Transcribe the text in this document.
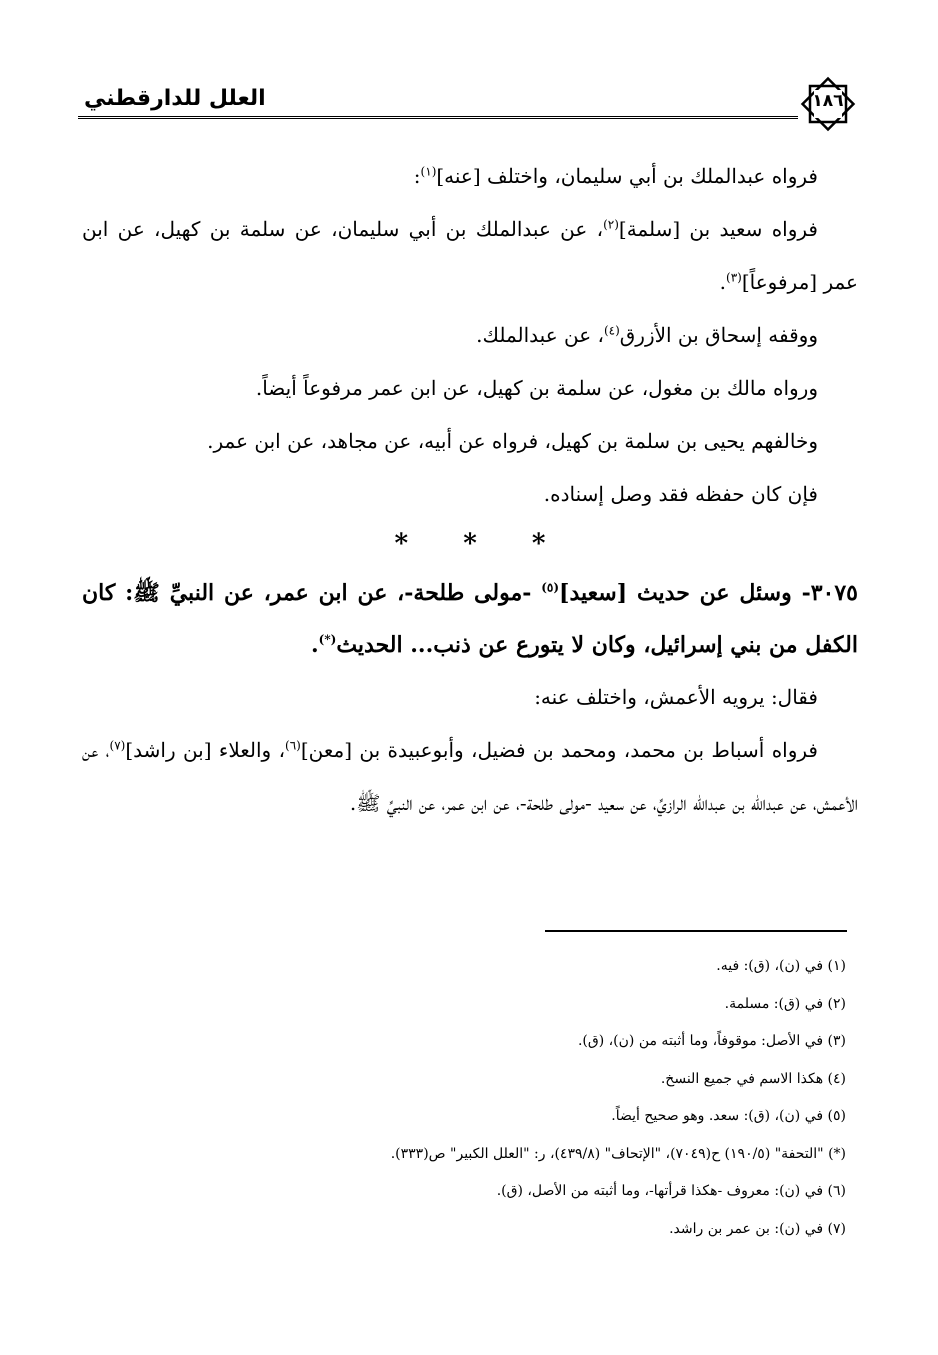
العلل للدارقطني	١٨٦

فرواه عبدالملك بن أبي سليمان، واختلف [عنه]$^{(١)}$:

فرواه سعيد بن [سلمة]$^{(٢)}$، عن عبدالملك بن أبي سليمان، عن سلمة بن كهيل، عن ابن عمر [مرفوعاً]$^{(٣)}$.

ووقفه إسحاق بن الأزرق$^{(٤)}$، عن عبدالملك.

ورواه مالك بن مغول، عن سلمة بن كهيل، عن ابن عمر مرفوعاً أيضاً.

وخالفهم يحيى بن سلمة بن كهيل، فرواه عن أبيه، عن مجاهد، عن ابن عمر.

فإن كان حفظه فقد وصل إسناده.

* * *

٣٠٧٥- وسئل عن حديث [سعيد]$^{(٥)}$ -مولى طلحة-، عن ابن عمر، عن النبيِّ ﷺ: كان الكفل من بني إسرائيل، وكان لا يتورع عن ذنب... الحديث(*).

فقال: يرويه الأعمش، واختلف عنه:

فرواه أسباط بن محمد، ومحمد بن فضيل، وأبوعبيدة بن [معن]$^{(٦)}$، والعلاء [بن راشد]$^{(٧)}$، عن الأعمش، عن عبدالله بن عبدالله الرازيِّ، عن سعيد -مولى طلحة-، عن ابن عمر، عن النبيِّ ﷺ.

(١) في (ن)، (ق): فيه.

(٢) في (ق): مسلمة.

(٣) في الأصل: موقوفاً، وما أثبته من (ن)، (ق).

(٤) هكذا الاسم في جميع النسخ.

(٥) في (ن)، (ق): سعد. وهو صحيح أيضاً.

(*) "التحفة" (١٩٠/٥) ح(٧٠٤٩)، "الإتحاف" (٤٣٩/٨)، ر: "العلل الكبير" ص(٣٣٣).

(٦) في (ن): معروف -هكذا قرأتها-، وما أثبته من الأصل، (ق).

(٧) في (ن): بن عمر بن راشد.
